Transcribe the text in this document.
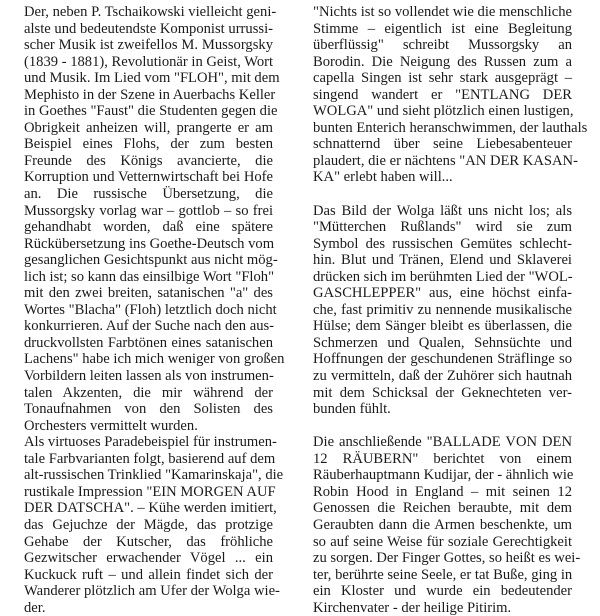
Der, neben P. Tschaikowski vielleicht geni-
alste und bedeutendste Komponist urrussi-
scher Musik ist zweifellos M. Mussorgsky
(1839 - 1881), Revolutionär in Geist, Wort
und Musik. Im Lied vom "FLOH", mit dem
Mephisto in der Szene in Auerbachs Keller
in Goethes "Faust" die Studenten gegen die
Obrigkeit anheizen will, prangerte er am
Beispiel eines Flohs, der zum besten
Freunde des Königs avancierte, die
Korruption und Vetternwirtschaft bei Hofe
an. Die russische Übersetzung, die
Mussorgsky vorlag war – gottlob – so frei
gehandhabt worden, daß eine spätere
Rückübersetzung ins Goethe-Deutsch vom
gesanglichen Gesichtspunkt aus nicht mög-
lich ist; so kann das einsilbige Wort "Floh"
mit den zwei breiten, satanischen "a" des
Wortes "Blacha" (Floh) letztlich doch nicht
konkurrieren. Auf der Suche nach den aus-
druckvollsten Farbtönen eines satanischen
Lachens" habe ich mich weniger von großen
Vorbildern leiten lassen als von instrumen-
talen Akzenten, die mir während der
Tonaufnahmen von den Solisten des
Orchesters vermittelt wurden.

Als virtuoses Paradebeispiel für instrumen-
tale Farbvarianten folgt, basierend auf dem
alt-russischen Trinklied "Kamarinskaja", die
rustikale Impression "EIN MORGEN AUF
DER DATSCHA". – Kühe werden imitiert,
das Gejuchze der Mägde, das protzige
Gehabe der Kutscher, das fröhliche
Gezwitscher erwachender Vögel ... ein
Kuckuck ruft – und allein findet sich der
Wanderer plötzlich am Ufer der Wolga wie-
der.

"Nichts ist so vollendet wie die menschliche
Stimme – eigentlich ist eine Begleitung
überflüssig" schreibt Mussorgsky an
Borodin. Die Neigung des Russen zum a
capella Singen ist sehr stark ausgeprägt –
singend wandert er "ENTLANG DER
WOLGA" und sieht plötzlich einen lustigen,
bunten Enterich heranschwimmen, der lauthals
schnatternd über seine Liebesabenteuer
plaudert, die er nächtens "AN DER KASAN-
KA" erlebt haben will...

Das Bild der Wolga läßt uns nicht los; als
"Mütterchen Rußlands" wird sie zum
Symbol des russischen Gemütes schlecht-
hin. Blut und Tränen, Elend und Sklaverei
drücken sich im berühmten Lied der "WOL-
GASCHLEPPER" aus, eine höchst einfa-
che, fast primitiv zu nennende musikalische
Hülse; dem Sänger bleibt es überlassen, die
Schmerzen und Qualen, Sehnsüchte und
Hoffnungen der geschundenen Sträflinge so
zu vermitteln, daß der Zuhörer sich hautnah
mit dem Schicksal der Geknechteten ver-
bunden fühlt.

Die anschließende "BALLADE VON DEN
12 RÄUBERN" berichtet von einem
Räuberhauptmann Kudijar, der - ähnlich wie
Robin Hood in England – mit seinen 12
Genossen die Reichen beraubte, mit dem
Geraubten dann die Armen beschenkte, um
so auf seine Weise für soziale Gerechtigkeit
zu sorgen. Der Finger Gottes, so heißt es wei-
ter, berührte seine Seele, er tat Buße, ging in
ein Kloster und wurde ein bedeutender
Kirchenvater - der heilige Pitirim.
